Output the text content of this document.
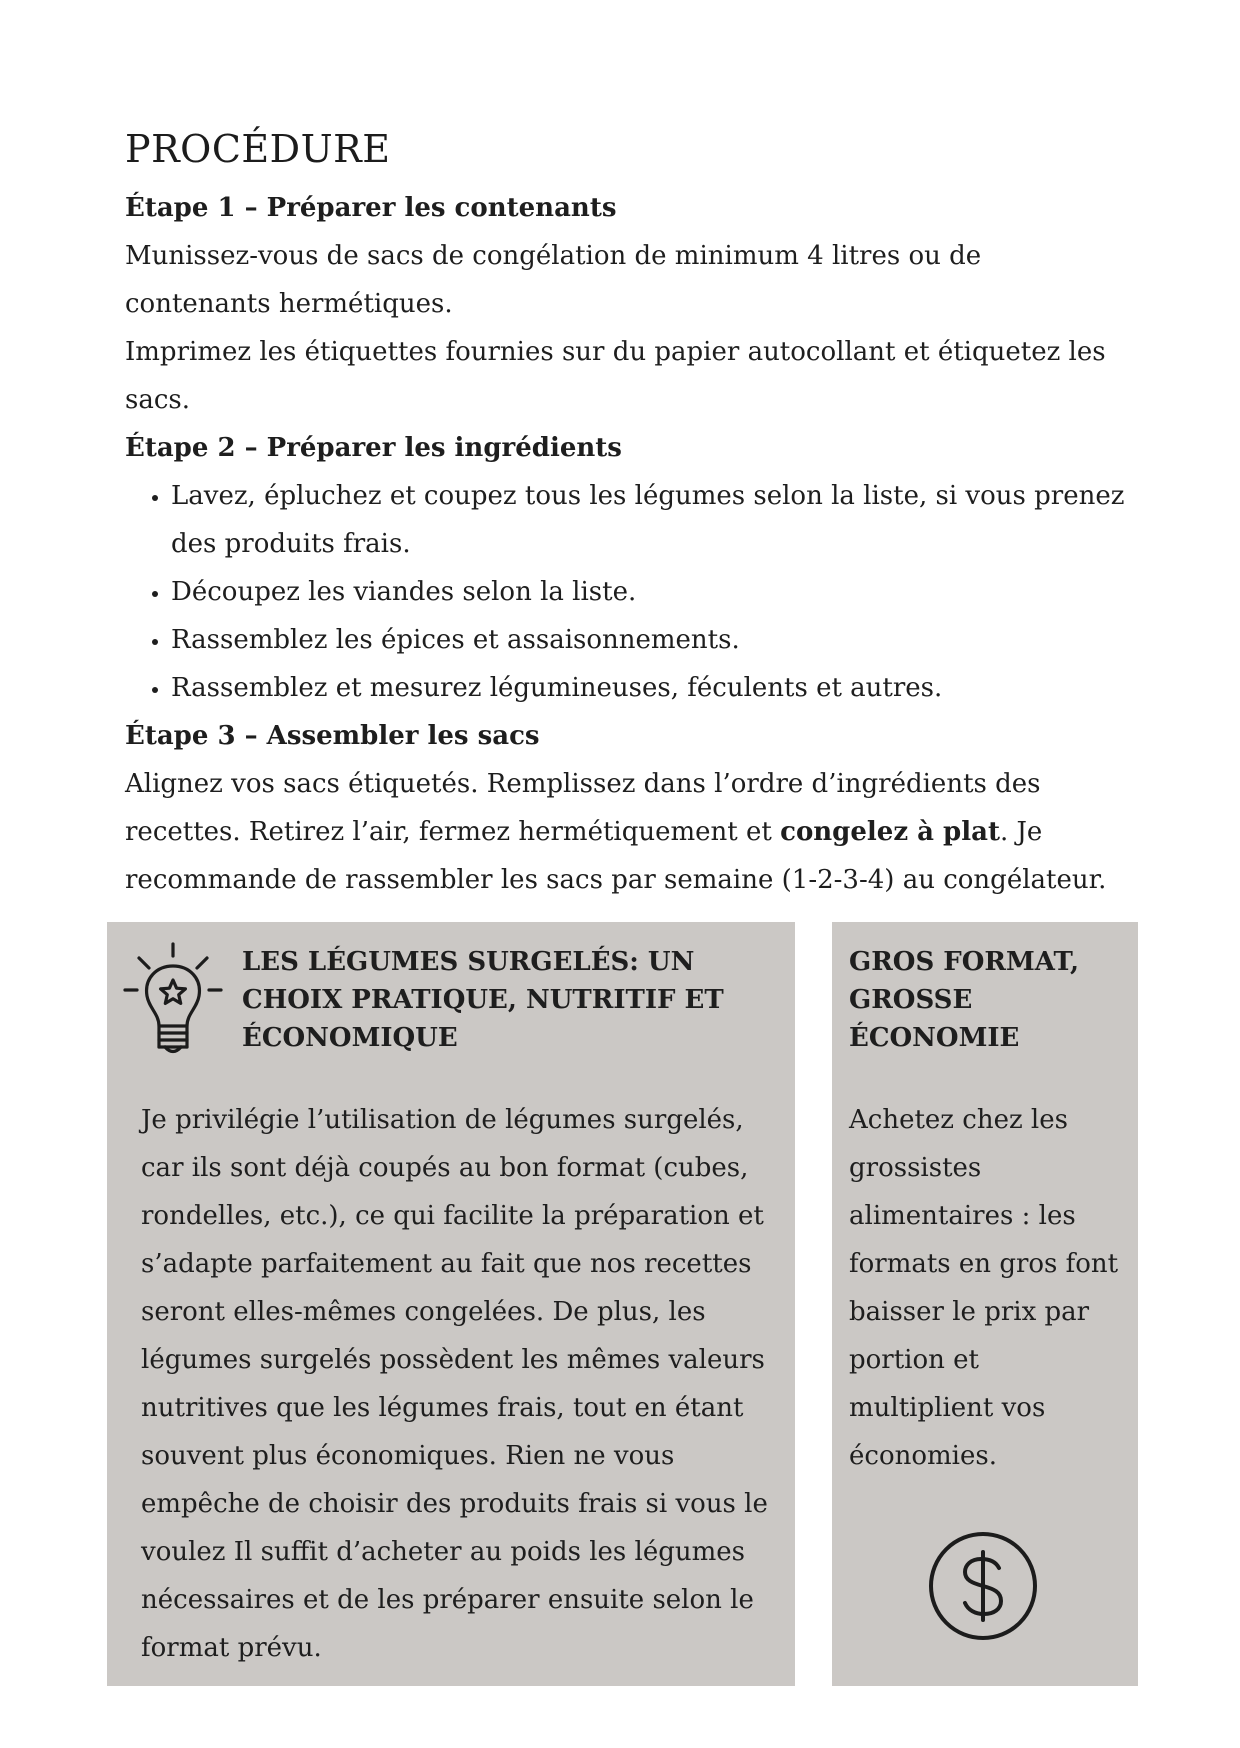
PROCÉDURE

Étape 1 – Préparer les contenants

Munissez-vous de sacs de congélation de minimum 4 litres ou de contenants hermétiques.

Imprimez les étiquettes fournies sur du papier autocollant et étiquetez les sacs.

Étape 2 – Préparer les ingrédients

• Lavez, épluchez et coupez tous les légumes selon la liste, si vous prenez des produits frais.
• Découpez les viandes selon la liste.
• Rassemblez les épices et assaisonnements.
• Rassemblez et mesurez légumineuses, féculents et autres.

Étape 3 – Assembler les sacs

Alignez vos sacs étiquetés. Remplissez dans l’ordre d’ingrédients des recettes. Retirez l’air, fermez hermétiquement et congelez à plat. Je recommande de rassembler les sacs par semaine (1-2-3-4) au congélateur.

LES LÉGUMES SURGELÉS: UN CHOIX PRATIQUE, NUTRITIF ET ÉCONOMIQUE

Je privilégie l’utilisation de légumes surgelés, car ils sont déjà coupés au bon format (cubes, rondelles, etc.), ce qui facilite la préparation et s’adapte parfaitement au fait que nos recettes seront elles-mêmes congelées. De plus, les légumes surgelés possèdent les mêmes valeurs nutritives que les légumes frais, tout en étant souvent plus économiques. Rien ne vous empêche de choisir des produits frais si vous le voulez Il suffit d’acheter au poids les légumes nécessaires et de les préparer ensuite selon le format prévu.

GROS FORMAT, GROSSE ÉCONOMIE

Achetez chez les grossistes alimentaires : les formats en gros font baisser le prix par portion et multiplient vos économies.
